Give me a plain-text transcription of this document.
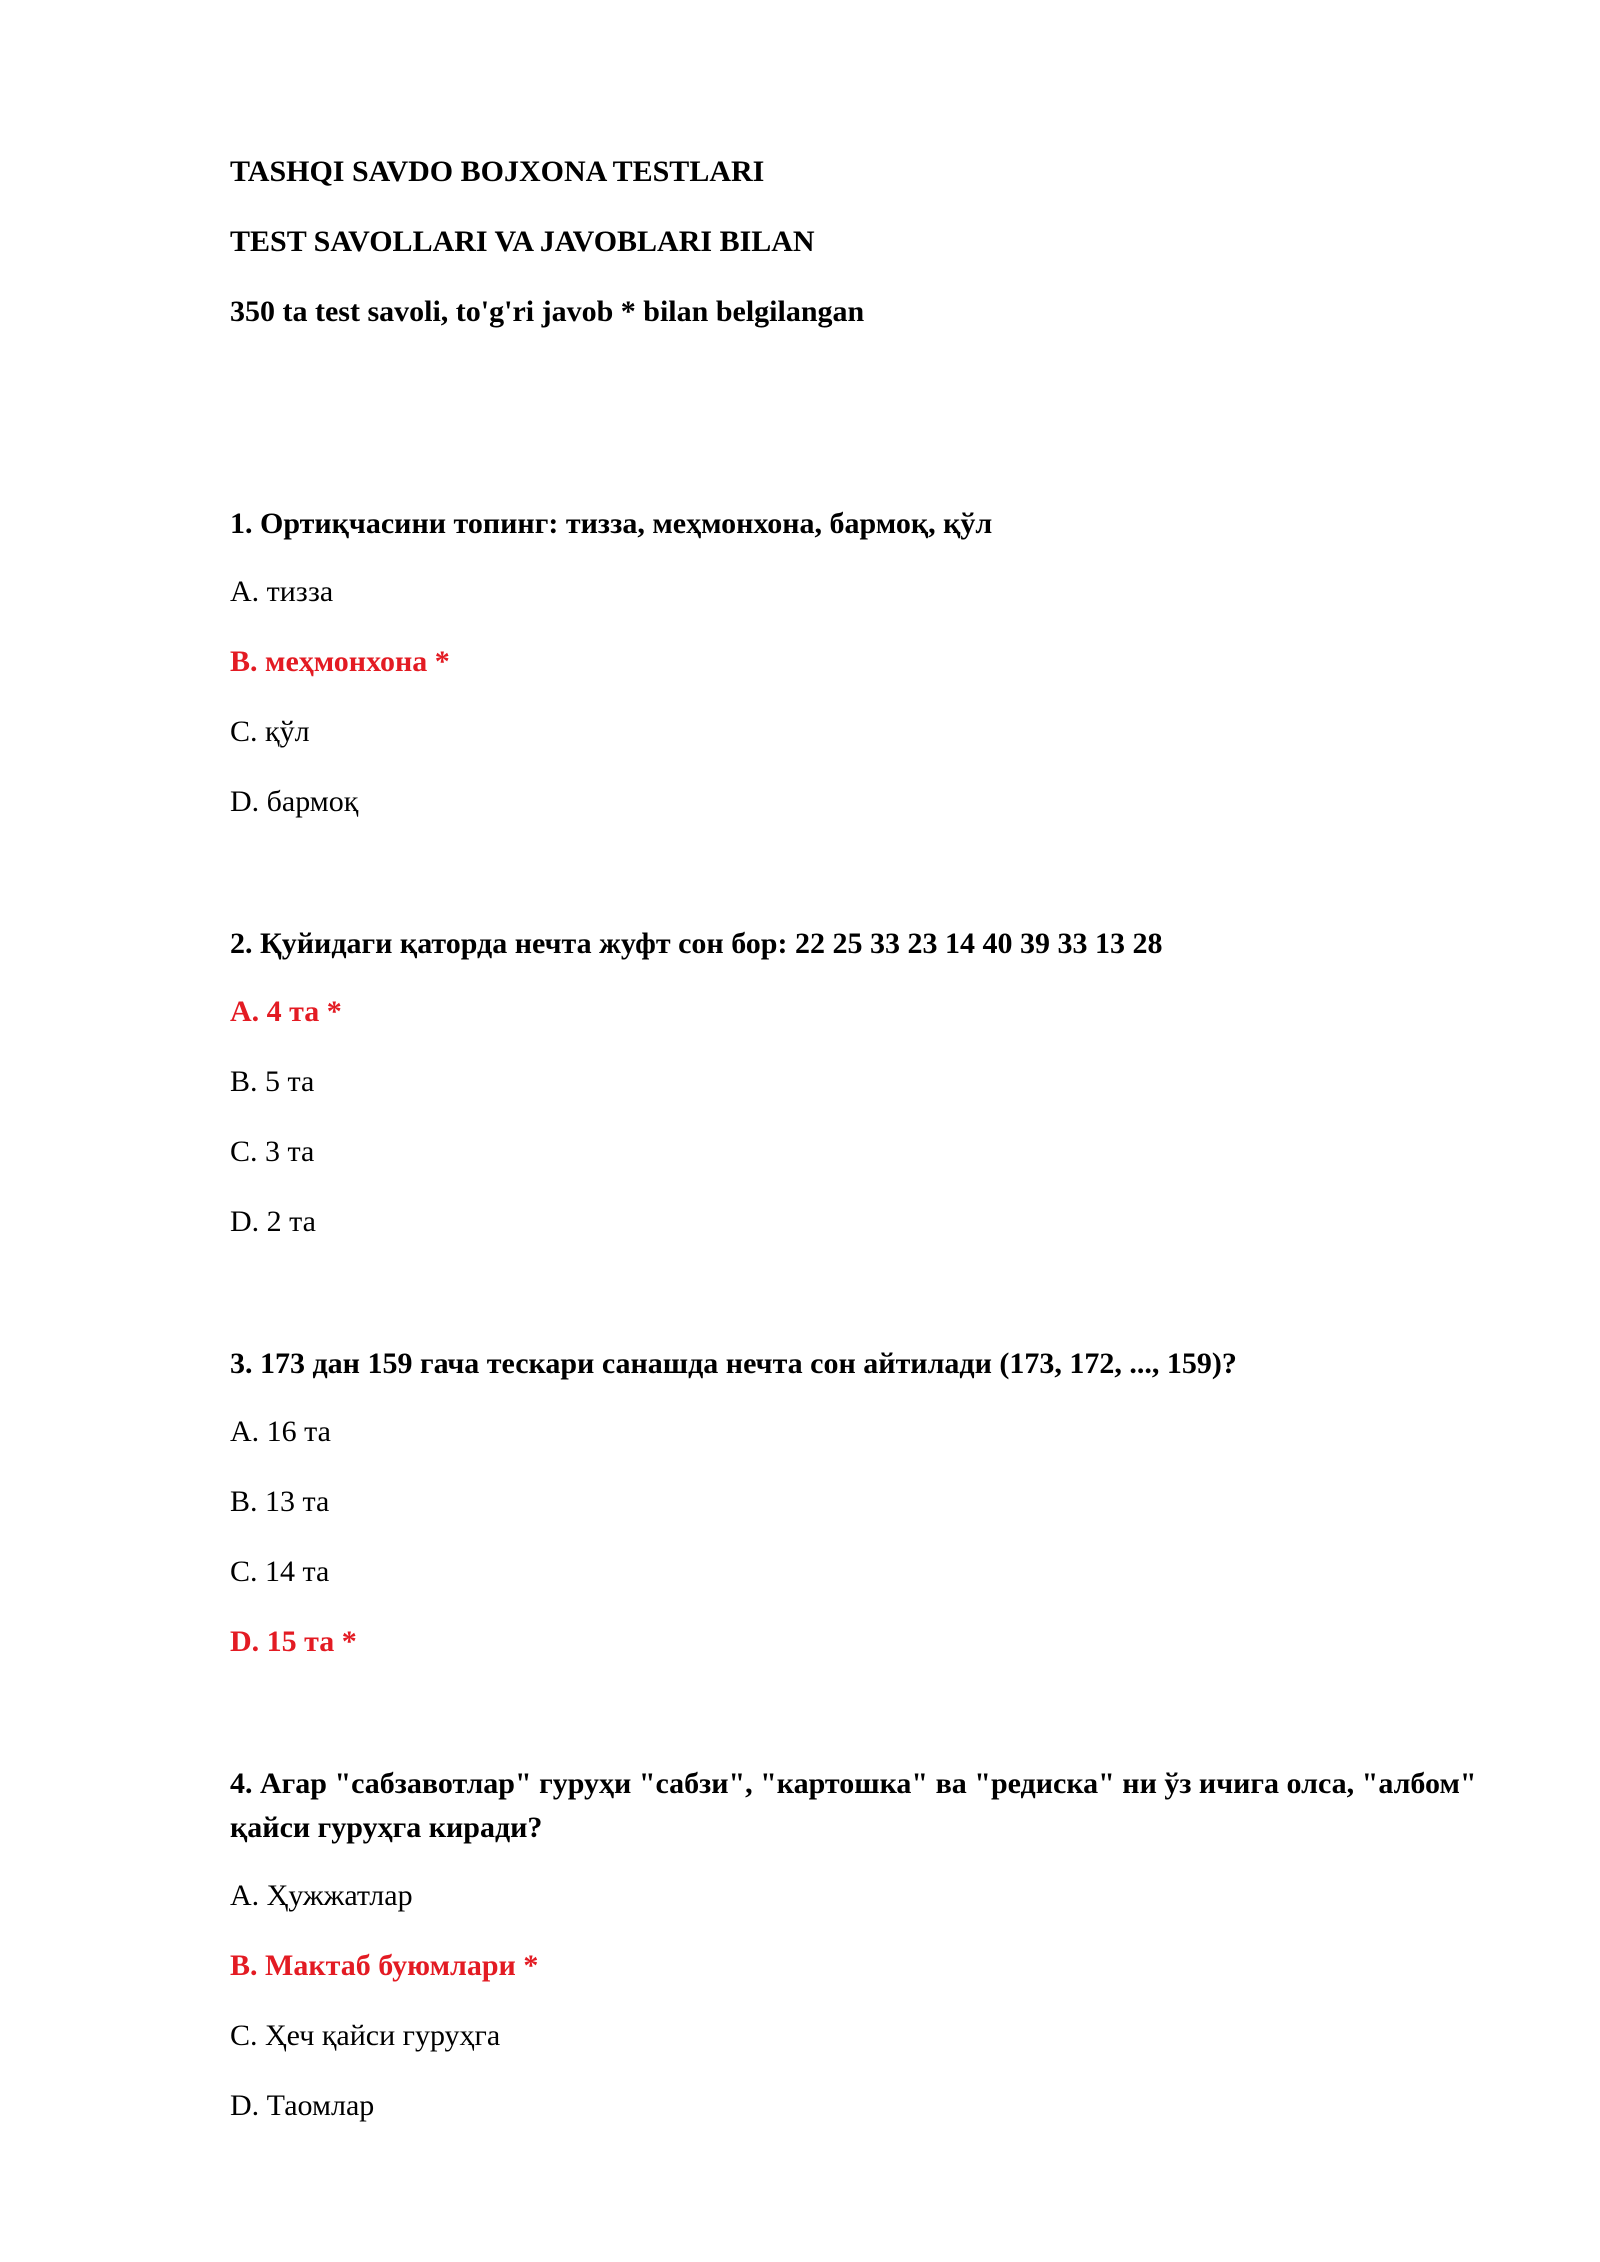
TASHQI SAVDO BOJXONA TESTLARI
TEST SAVOLLARI VA JAVOBLARI BILAN
350 ta test savoli, to'g'ri javob * bilan belgilangan
1. Ортиқчасини топинг: тизза, меҳмонхона, бармоқ, қўл
A. тизза
B. меҳмонхона *
C. қўл
D. бармоқ
2. Қуйидаги қаторда нечта жуфт сон бор: 22 25 33 23 14 40 39 33 13 28
A. 4 та *
B. 5 та
C. 3 та
D. 2 та
3. 173 дан 159 гача тескари санашда нечта сон айтилади (173, 172, ..., 159)?
A. 16 та
B. 13 та
C. 14 та
D. 15 та *
4. Агар "сабзавотлар" гуруҳи "сабзи", "картошка" ва "редиска" ни ўз ичига олса, "албом" қайси гуруҳга киради?
A. Ҳужжатлар
B. Мактаб буюмлари *
C. Ҳеч қайси гуруҳга
D. Таомлар
